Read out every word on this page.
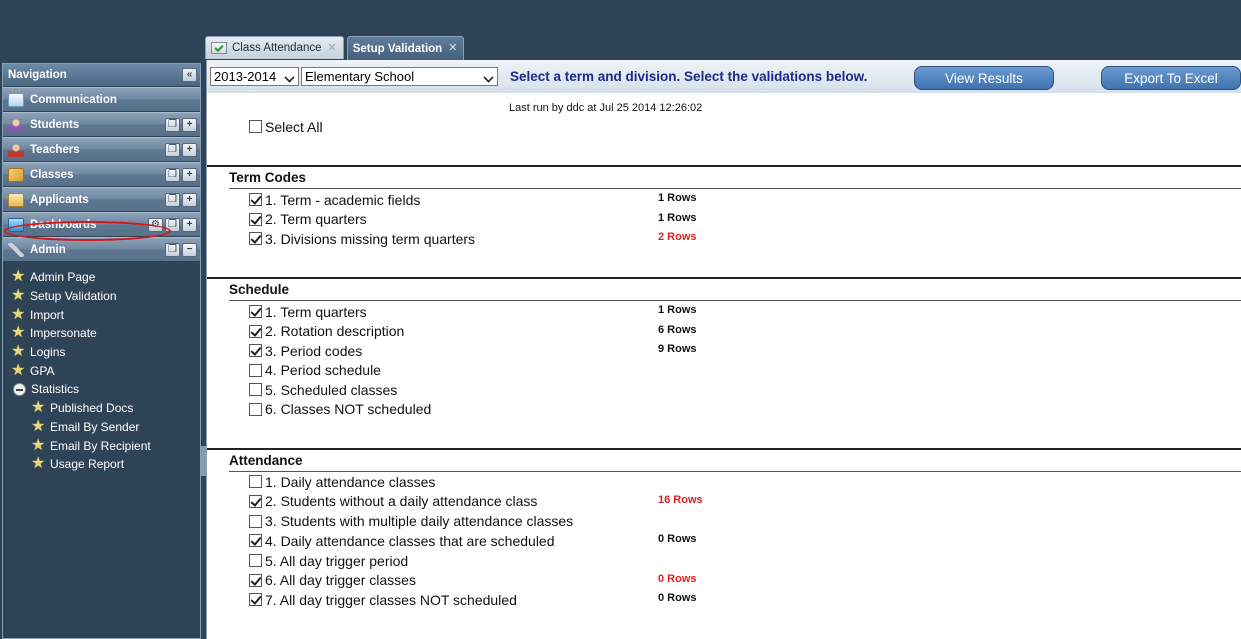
Class Attendance ✕ Setup Validation ✕
Navigation	«
Communication
Students	❐ +
Teachers	❐ +
Classes	❐ +
Applicants	❐ +
Dashboards	⚙ ❐ +
Admin	❐ −
★ Admin Page
★ Setup Validation
★ Import
★ Impersonate
★ Logins
★ GPA
Statistics
★ Published Docs
★ Email By Sender
★ Email By Recipient
★ Usage Report
2013-2014 Elementary School	Select a term and division. Select the validations below.	View Results	Export To Excel
Last run by ddc at Jul 25 2014 12:26:02
Select All
Term Codes
1. Term - academic fields	1 Rows
2. Term quarters	1 Rows
3. Divisions missing term quarters	2 Rows
Schedule
1. Term quarters	1 Rows
2. Rotation description	6 Rows
3. Period codes	9 Rows
4. Period schedule
5. Scheduled classes
6. Classes NOT scheduled
Attendance
1. Daily attendance classes
2. Students without a daily attendance class	16 Rows
3. Students with multiple daily attendance classes
4. Daily attendance classes that are scheduled	0 Rows
5. All day trigger period
6. All day trigger classes	0 Rows
7. All day trigger classes NOT scheduled	0 Rows
